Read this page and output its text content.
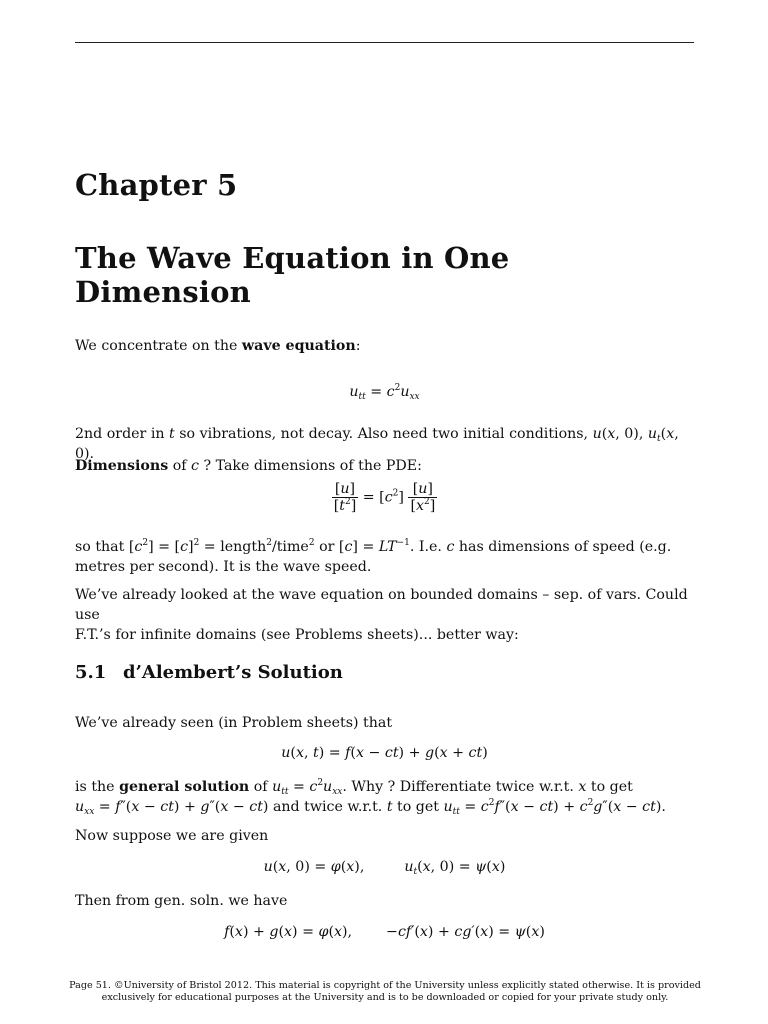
Chapter 5
The Wave Equation in One Dimension
We concentrate on the wave equation:
$u_{tt} = c^2u_{xx}$
2nd order in t so vibrations, not decay. Also need two initial conditions, u(x, 0), $u_t(x$, 0).
Dimensions of c ? Take dimensions of the PDE:
$\frac{[u]}{[t^2]} = [c^2] \frac{[u]}{[x^2]}$
so that $[c^2] = [c]^2$ = length$^2$/time$^2$ or $[c] = LT^{-1}$. I.e. c has dimensions of speed (e.g.
metres per second). It is the wave speed.
We’ve already looked at the wave equation on bounded domains – sep. of vars. Could use
F.T.’s for infinite domains (see Problems sheets)... better way:
5.1 d’Alembert’s Solution
We’ve already seen (in Problem sheets) that
u(x, t) = f(x − ct) + g(x + ct)
is the general solution of $u_{tt} = c^2u_{xx}$. Why ? Differentiate twice w.r.t. x to get
$u_{xx} = f''(x - ct) + g''(x - ct)$ and twice w.r.t. t to get $u_{tt} = c^2f''(x - ct) + c^2g''(x - ct)$.
Now suppose we are given
u(x, 0) = φ(x),	$u_t(x$, 0) = ψ(x)
Then from gen. soln. we have
f(x) + g(x) = φ(x), −cf′(x) + cg′(x) = ψ(x)
Page 51. ©University of Bristol 2012. This material is copyright of the University unless explicitly stated otherwise. It is provided
exclusively for educational purposes at the University and is to be downloaded or copied for your private study only.
